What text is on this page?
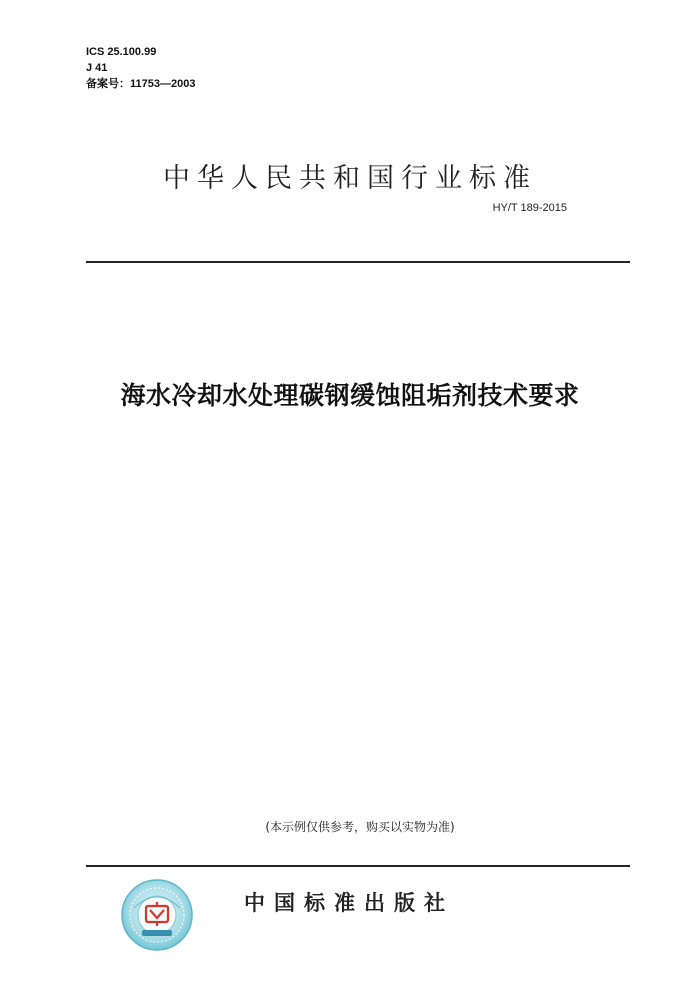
ICS 25.100.99
J 41
备案号：11753—2003
中华人民共和国行业标准
HY/T 189-2015
海水冷却水处理碳钢缓蚀阻垢剂技术要求
(本示例仅供参考，购买以实物为准)
中国标准出版社
